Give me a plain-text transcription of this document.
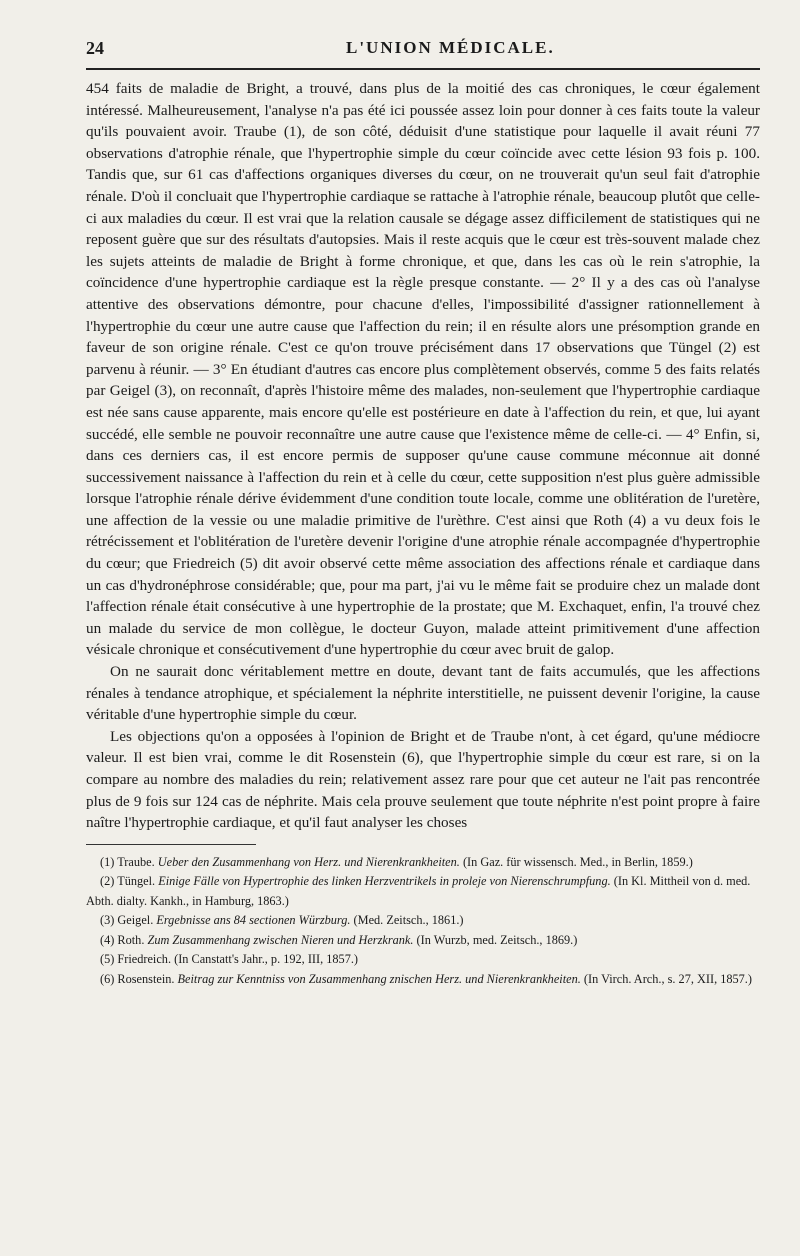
24	L'UNION MÉDICALE.

454 faits de maladie de Bright, a trouvé, dans plus de la moitié des cas chroniques, le cœur également intéressé. Malheureusement, l'analyse n'a pas été ici poussée assez loin pour donner à ces faits toute la valeur qu'ils pouvaient avoir. Traube (1), de son côté, déduisit d'une statistique pour laquelle il avait réuni 77 observations d'atrophie rénale, que l'hypertrophie simple du cœur coïncide avec cette lésion 93 fois p. 100. Tandis que, sur 61 cas d'affections organiques diverses du cœur, on ne trouverait qu'un seul fait d'atrophie rénale. D'où il concluait que l'hypertrophie cardiaque se rattache à l'atrophie rénale, beaucoup plutôt que celle-ci aux maladies du cœur. Il est vrai que la relation causale se dégage assez difficilement de statistiques qui ne reposent guère que sur des résultats d'autopsies. Mais il reste acquis que le cœur est très-souvent malade chez les sujets atteints de maladie de Bright à forme chronique, et que, dans les cas où le rein s'atrophie, la coïncidence d'une hypertrophie cardiaque est la règle presque constante. — 2° Il y a des cas où l'analyse attentive des observations démontre, pour chacune d'elles, l'impossibilité d'assigner rationnellement à l'hypertrophie du cœur une autre cause que l'affection du rein; il en résulte alors une présomption grande en faveur de son origine rénale. C'est ce qu'on trouve précisément dans 17 observations que Tüngel (2) est parvenu à réunir. — 3° En étudiant d'autres cas encore plus complètement observés, comme 5 des faits relatés par Geigel (3), on reconnaît, d'après l'histoire même des malades, non-seulement que l'hypertrophie cardiaque est née sans cause apparente, mais encore qu'elle est postérieure en date à l'affection du rein, et que, lui ayant succédé, elle semble ne pouvoir reconnaître une autre cause que l'existence même de celle-ci. — 4° Enfin, si, dans ces derniers cas, il est encore permis de supposer qu'une cause commune méconnue ait donné successivement naissance à l'affection du rein et à celle du cœur, cette supposition n'est plus guère admissible lorsque l'atrophie rénale dérive évidemment d'une condition toute locale, comme une oblitération de l'uretère, une affection de la vessie ou une maladie primitive de l'urèthre. C'est ainsi que Roth (4) a vu deux fois le rétrécissement et l'oblitération de l'uretère devenir l'origine d'une atrophie rénale accompagnée d'hypertrophie du cœur; que Friedreich (5) dit avoir observé cette même association des affections rénale et cardiaque dans un cas d'hydronéphrose considérable; que, pour ma part, j'ai vu le même fait se produire chez un malade dont l'affection rénale était consécutive à une hypertrophie de la prostate; que M. Exchaquet, enfin, l'a trouvé chez un malade du service de mon collègue, le docteur Guyon, malade atteint primitivement d'une affection vésicale chronique et consécutivement d'une hypertrophie du cœur avec bruit de galop.

On ne saurait donc véritablement mettre en doute, devant tant de faits accumulés, que les affections rénales à tendance atrophique, et spécialement la néphrite interstitielle, ne puissent devenir l'origine, la cause véritable d'une hypertrophie simple du cœur.

Les objections qu'on a opposées à l'opinion de Bright et de Traube n'ont, à cet égard, qu'une médiocre valeur. Il est bien vrai, comme le dit Rosenstein (6), que l'hypertrophie simple du cœur est rare, si on la compare au nombre des maladies du rein; relativement assez rare pour que cet auteur ne l'ait pas rencontrée plus de 9 fois sur 124 cas de néphrite. Mais cela prouve seulement que toute néphrite n'est point propre à faire naître l'hypertrophie cardiaque, et qu'il faut analyser les choses

(1) Traube. Ueber den Zusammenhang von Herz. und Nierenkrankheiten. (In Gaz. für wissensch. Med., in Berlin, 1859.)

(2) Tüngel. Einige Fälle von Hypertrophie des linken Herzventrikels in proleje von Nierenschrumpfung. (In Kl. Mittheil von d. med. Abth. dialty. Kankh., in Hamburg, 1863.)

(3) Geigel. Ergebnisse ans 84 sectionen Würzburg. (Med. Zeitsch., 1861.)

(4) Roth. Zum Zusammenhang zwischen Nieren und Herzkrank. (In Wurzb, med. Zeitsch., 1869.)

(5) Friedreich. (In Canstatt's Jahr., p. 192, III, 1857.)

(6) Rosenstein. Beitrag zur Kenntniss von Zusammenhang znischen Herz. und Nierenkrankheiten. (In Virch. Arch., s. 27, XII, 1857.)
